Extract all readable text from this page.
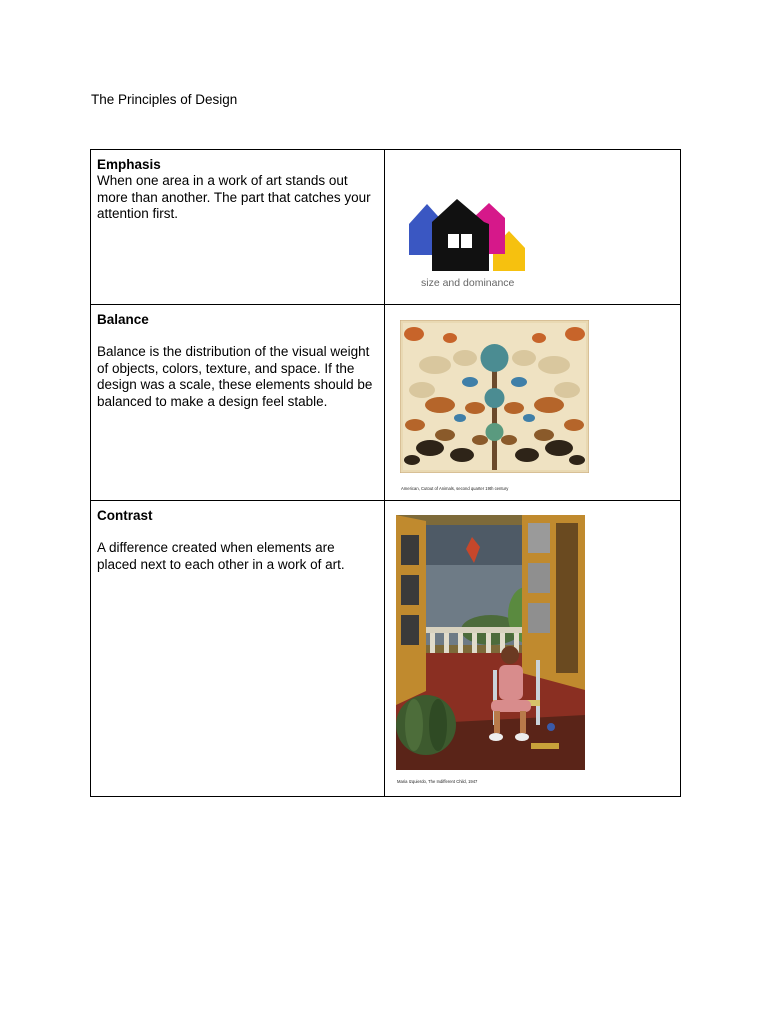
The Principles of Design
Emphasis
When one area in a work of art stands out more than another. The part that catches your attention first.	size and dominance

Balance
Balance is the distribution of the visual weight of objects, colors, texture, and space. If the design was a scale, these elements should be balanced to make a design feel stable.	American, Cutout of Animals, second quarter 19th century

Contrast
A difference created when elements are placed next to each other in a work of art.	Maria Izquierdo, The Indifferent Child, 1947
